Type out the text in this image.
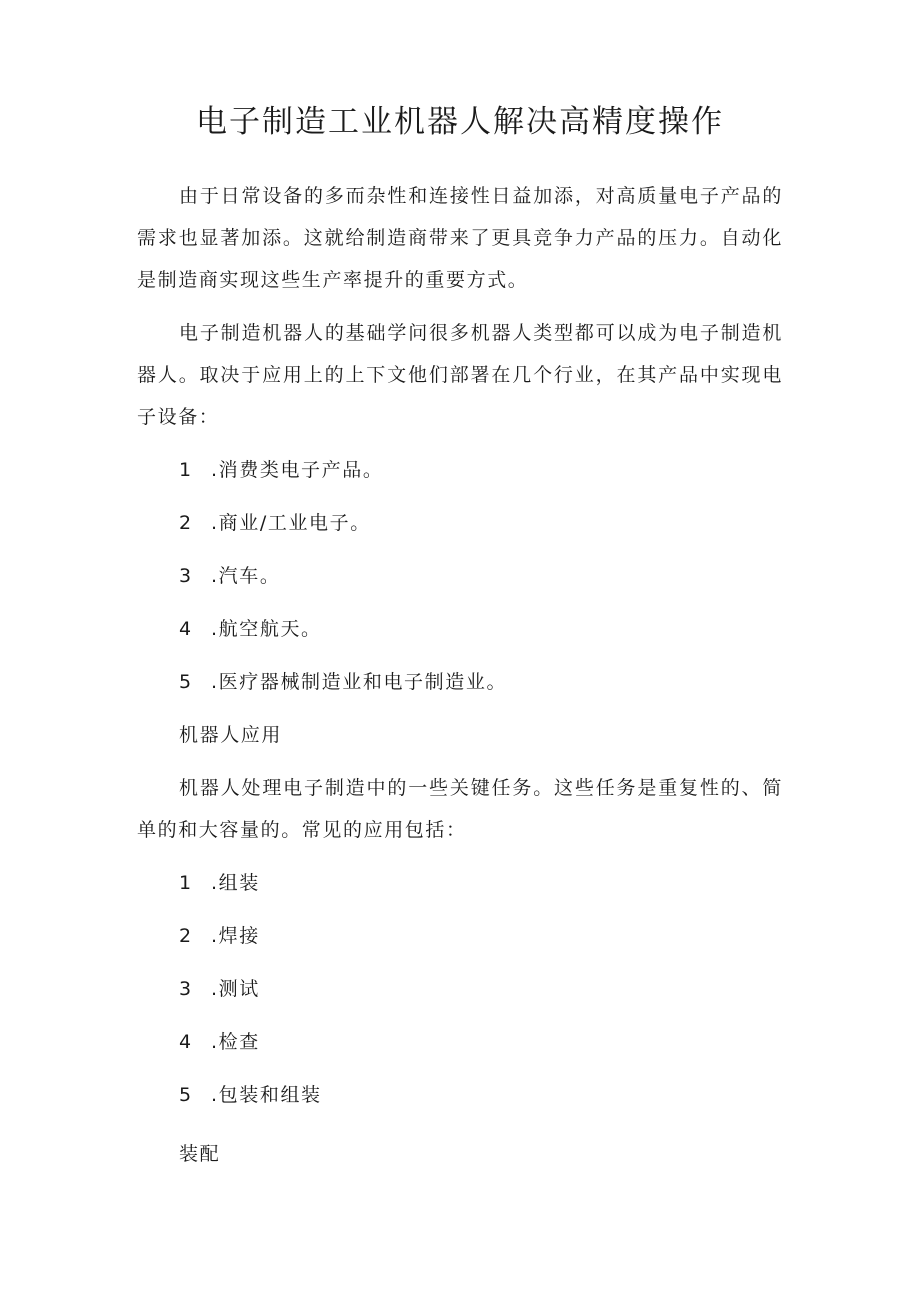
电子制造工业机器人解决高精度操作

由于日常设备的多而杂性和连接性日益加添，对高质量电子产品的需求也显著加添。这就给制造商带来了更具竞争力产品的压力。自动化是制造商实现这些生产率提升的重要方式。

电子制造机器人的基础学问很多机器人类型都可以成为电子制造机器人。取决于应用上的上下文他们部署在几个行业，在其产品中实现电子设备：

1 .消费类电子产品。

2 .商业/工业电子。

3 .汽车。

4 .航空航天。

5 .医疗器械制造业和电子制造业。

机器人应用

机器人处理电子制造中的一些关键任务。这些任务是重复性的、简单的和大容量的。常见的应用包括：

1 .组装

2 .焊接

3 .测试

4 .检查

5 .包装和组装

装配
